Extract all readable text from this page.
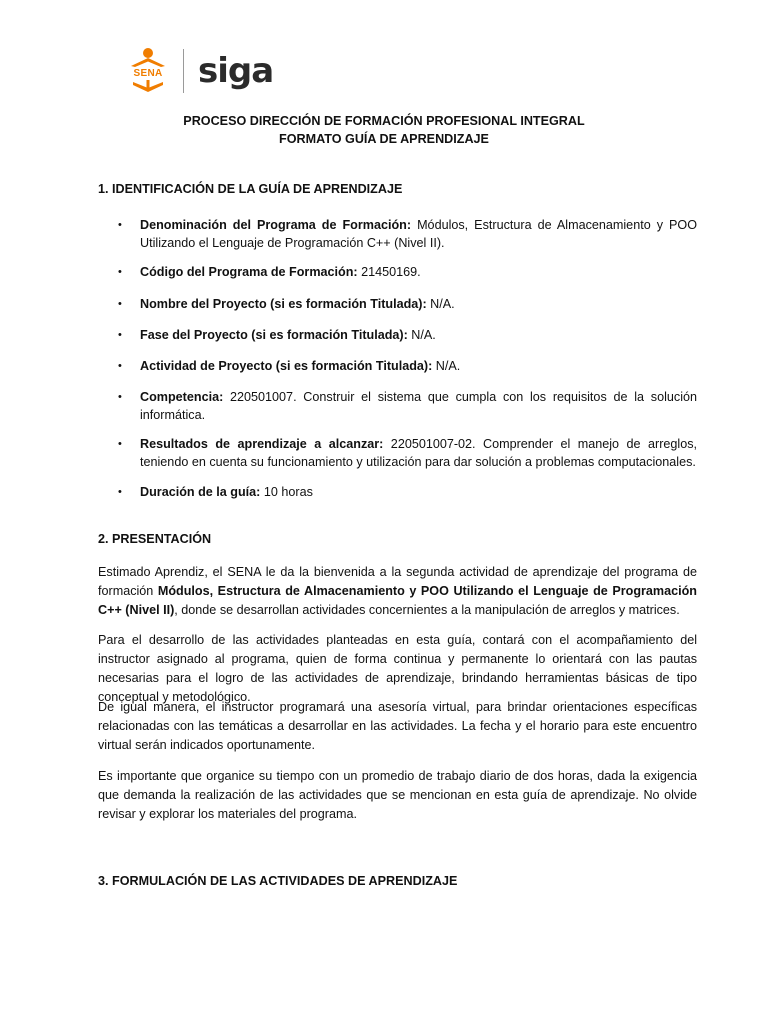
SENA siga
PROCESO DIRECCIÓN DE FORMACIÓN PROFESIONAL INTEGRAL
FORMATO GUÍA DE APRENDIZAJE
1. IDENTIFICACIÓN DE LA GUÍA DE APRENDIZAJE
• Denominación del Programa de Formación: Módulos, Estructura de Almacenamiento y POO Utilizando el Lenguaje de Programación C++ (Nivel II).
• Código del Programa de Formación: 21450169.
• Nombre del Proyecto (si es formación Titulada): N/A.
• Fase del Proyecto (si es formación Titulada): N/A.
• Actividad de Proyecto (si es formación Titulada): N/A.
• Competencia: 220501007. Construir el sistema que cumpla con los requisitos de la solución informática.
• Resultados de aprendizaje a alcanzar: 220501007-02. Comprender el manejo de arreglos, teniendo en cuenta su funcionamiento y utilización para dar solución a problemas computacionales.
• Duración de la guía: 10 horas
2. PRESENTACIÓN
Estimado Aprendiz, el SENA le da la bienvenida a la segunda actividad de aprendizaje del programa de formación Módulos, Estructura de Almacenamiento y POO Utilizando el Lenguaje de Programación C++ (Nivel II), donde se desarrollan actividades concernientes a la manipulación de arreglos y matrices.
Para el desarrollo de las actividades planteadas en esta guía, contará con el acompañamiento del instructor asignado al programa, quien de forma continua y permanente lo orientará con las pautas necesarias para el logro de las actividades de aprendizaje, brindando herramientas básicas de tipo conceptual y metodológico.
De igual manera, el instructor programará una asesoría virtual, para brindar orientaciones específicas relacionadas con las temáticas a desarrollar en las actividades. La fecha y el horario para este encuentro virtual serán indicados oportunamente.
Es importante que organice su tiempo con un promedio de trabajo diario de dos horas, dada la exigencia que demanda la realización de las actividades que se mencionan en esta guía de aprendizaje. No olvide revisar y explorar los materiales del programa.
3. FORMULACIÓN DE LAS ACTIVIDADES DE APRENDIZAJE
